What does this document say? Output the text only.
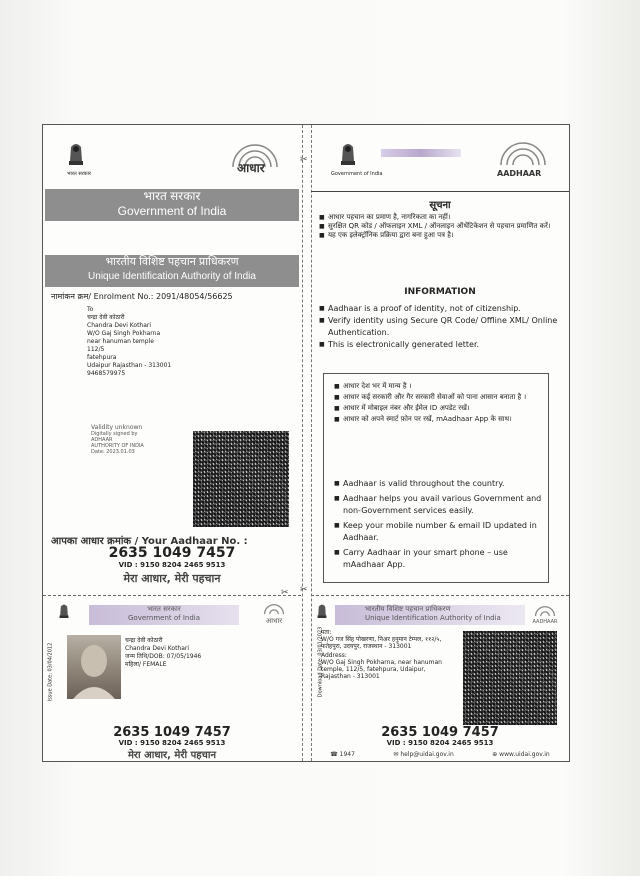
भारत सरकार	आधार
भारत सरकार
Government of India
भारतीय विशिष्ट पहचान प्राधिकरण
Unique Identification Authority of India
नामांकन क्रम/ Enrolment No.: 2091/48054/56625
To
चन्द्रा देवी कोठारी
Chandra Devi Kothari
W/O Gaj Singh Pokharna
near hanuman temple
112/5
fatehpura
Udaipur Rajasthan - 313001
9468579975
Validity unknown
Digitally signed by
ADHAAR
AUTHORITY OF INDIA
Date: 2023.01.03
आपका आधार क्रमांक / Your Aadhaar No. :
2635 1049 7457
VID : 9150 8204 2465 9513
मेरा आधार, मेरी पहचान
✂
भारत सरकार
Government of India	आधार
Issue Date: 03/04/2012
चन्द्रा देवी कोठारी
Chandra Devi Kothari
जन्म तिथि/DOB: 07/05/1946
महिला/ FEMALE
2635 1049 7457
VID : 9150 8204 2465 9513
मेरा आधार, मेरी पहचान
✂
✂
Government of India	AADHAAR
सूचना
■ आधार पहचान का प्रमाण है, नागरिकता का नहीं।
■ सुरक्षित QR कोड / ऑफलाइन XML / ऑनलाइन ऑथेंटिकेशन से पहचान प्रमाणित करें।
■ यह एक इलेक्ट्रॉनिक प्रक्रिया द्वारा बना हुआ पत्र है।
INFORMATION
■ Aadhaar is a proof of identity, not of citizenship.
■ Verify identity using Secure QR Code/ Offline XML/ Online Authentication.
■ This is electronically generated letter.
■ आधार देश भर में मान्य है ।
■ आधार कई सरकारी और गैर सरकारी सेवाओं को पाना आसान बनाता है ।
■ आधार में मोबाइल नंबर और ईमेल ID अपडेट रखें।
■ आधार को अपने स्मार्ट फ़ोन पर रखें, mAadhaar App के साथ।
■ Aadhaar is valid throughout the country.
■ Aadhaar helps you avail various Government and non-Government services easily.
■ Keep your mobile number & email ID updated in Aadhaar.
■ Carry Aadhaar in your smart phone – use mAadhaar App.
भारतीय विशिष्ट पहचान प्राधिकरण
Unique Identification Authority of India	AADHAAR
Download Date: 03/01/2023
पता:
W/O गज सिंह पोखरणा, निअर हनुमान टेम्पल, ११२/५, फतेहपुरा, उदयपुर, राजस्थान - 313001
Address:
W/O Gaj Singh Pokharna, near hanuman temple, 112/5, fatehpura, Udaipur, Rajasthan - 313001
2635 1049 7457
VID : 9150 8204 2465 9513
☎ 1947	✉ help@uidai.gov.in	⊕ www.uidai.gov.in
